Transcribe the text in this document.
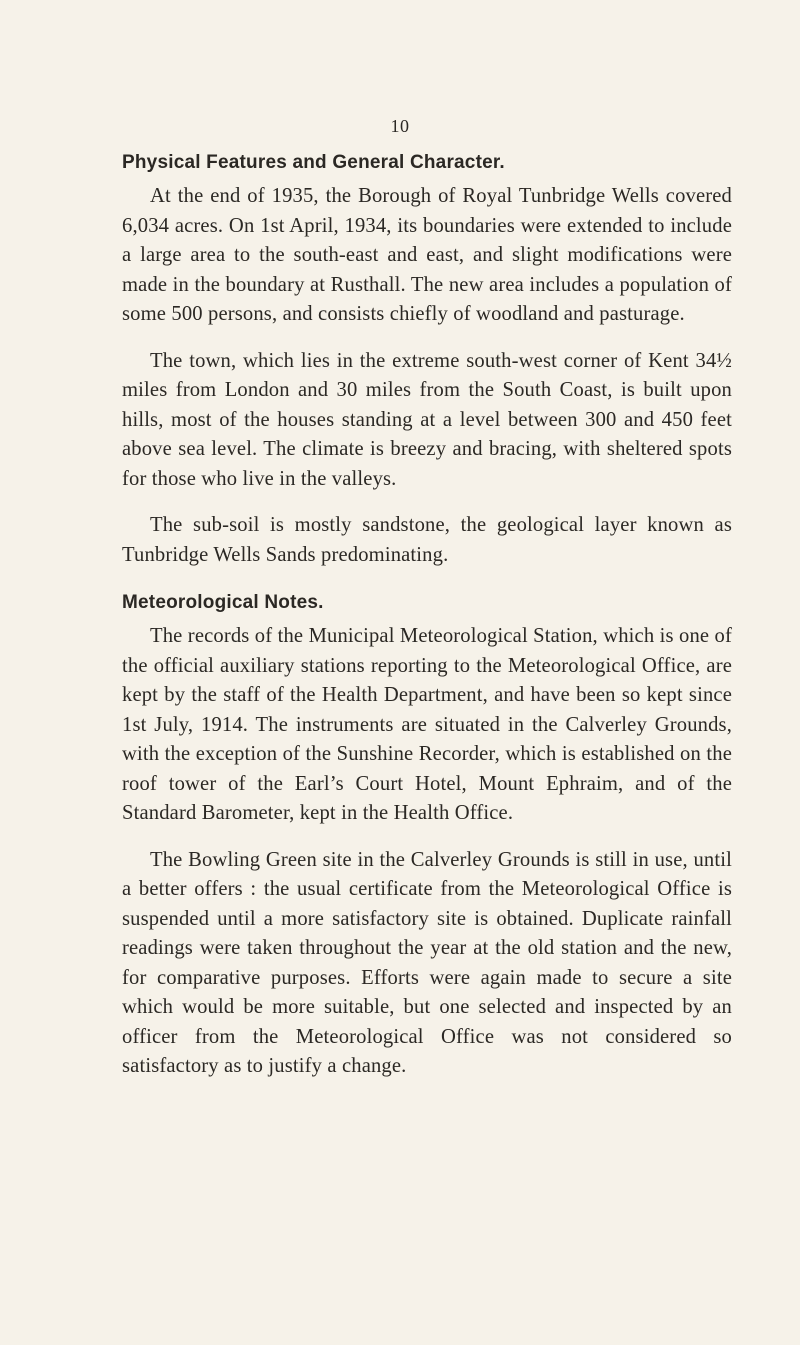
10
Physical Features and General Character.

At the end of 1935, the Borough of Royal Tunbridge Wells covered 6,034 acres. On 1st April, 1934, its boundaries were extended to include a large area to the south-east and east, and slight modifications were made in the boundary at Rusthall. The new area includes a population of some 500 persons, and consists chiefly of woodland and pasturage.

The town, which lies in the extreme south-west corner of Kent 34½ miles from London and 30 miles from the South Coast, is built upon hills, most of the houses standing at a level between 300 and 450 feet above sea level. The climate is breezy and bracing, with sheltered spots for those who live in the valleys.

The sub-soil is mostly sandstone, the geological layer known as Tunbridge Wells Sands predominating.

Meteorological Notes.

The records of the Municipal Meteorological Station, which is one of the official auxiliary stations reporting to the Meteorological Office, are kept by the staff of the Health Department, and have been so kept since 1st July, 1914. The instruments are situated in the Calverley Grounds, with the exception of the Sunshine Recorder, which is established on the roof tower of the Earl’s Court Hotel, Mount Ephraim, and of the Standard Barometer, kept in the Health Office.

The Bowling Green site in the Calverley Grounds is still in use, until a better offers : the usual certificate from the Meteorological Office is suspended until a more satisfactory site is obtained. Duplicate rainfall readings were taken throughout the year at the old station and the new, for comparative purposes. Efforts were again made to secure a site which would be more suitable, but one selected and inspected by an officer from the Meteorological Office was not considered so satisfactory as to justify a change.
